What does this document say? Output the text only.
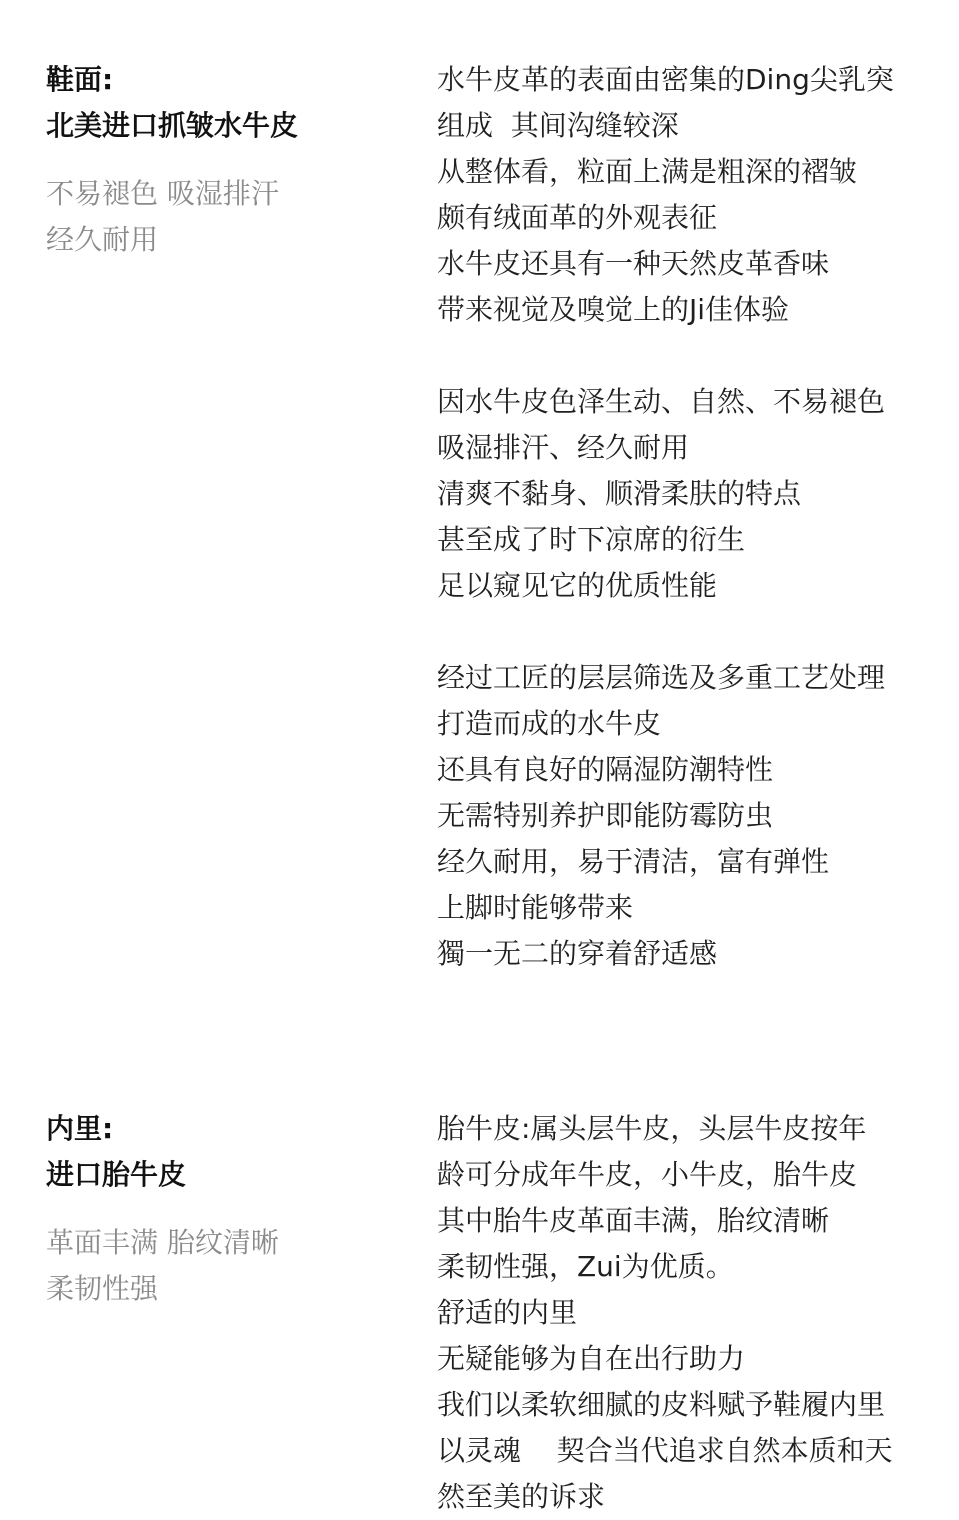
鞋面:

北美进口抓皱水牛皮

不易褪色 吸湿排汗

经久耐用

水牛皮革的表面由密集的Ding尖乳突

组成  其间沟缝较深

从整体看，粒面上满是粗深的褶皱

颇有绒面革的外观表征

水牛皮还具有一种天然皮革香味

带来视觉及嗅觉上的Ji佳体验

因水牛皮色泽生动、自然、不易褪色

吸湿排汗、经久耐用

清爽不黏身、顺滑柔肤的特点

甚至成了时下凉席的衍生

足以窥见它的优质性能

经过工匠的层层筛选及多重工艺处理

打造而成的水牛皮

还具有良好的隔湿防潮特性

无需特别养护即能防霉防虫

经久耐用，易于清洁，富有弹性

上脚时能够带来

獨一无二的穿着舒适感

内里:

进口胎牛皮

革面丰满 胎纹清晰

柔韧性强

胎牛皮:属头层牛皮，头层牛皮按年

龄可分成年牛皮，小牛皮，胎牛皮

其中胎牛皮革面丰满，胎纹清晰

柔韧性强，Zui为优质。

舒适的内里

无疑能够为自在出行助力

我们以柔软细腻的皮料赋予鞋履内里

以灵魂    契合当代追求自然本质和天

然至美的诉求
